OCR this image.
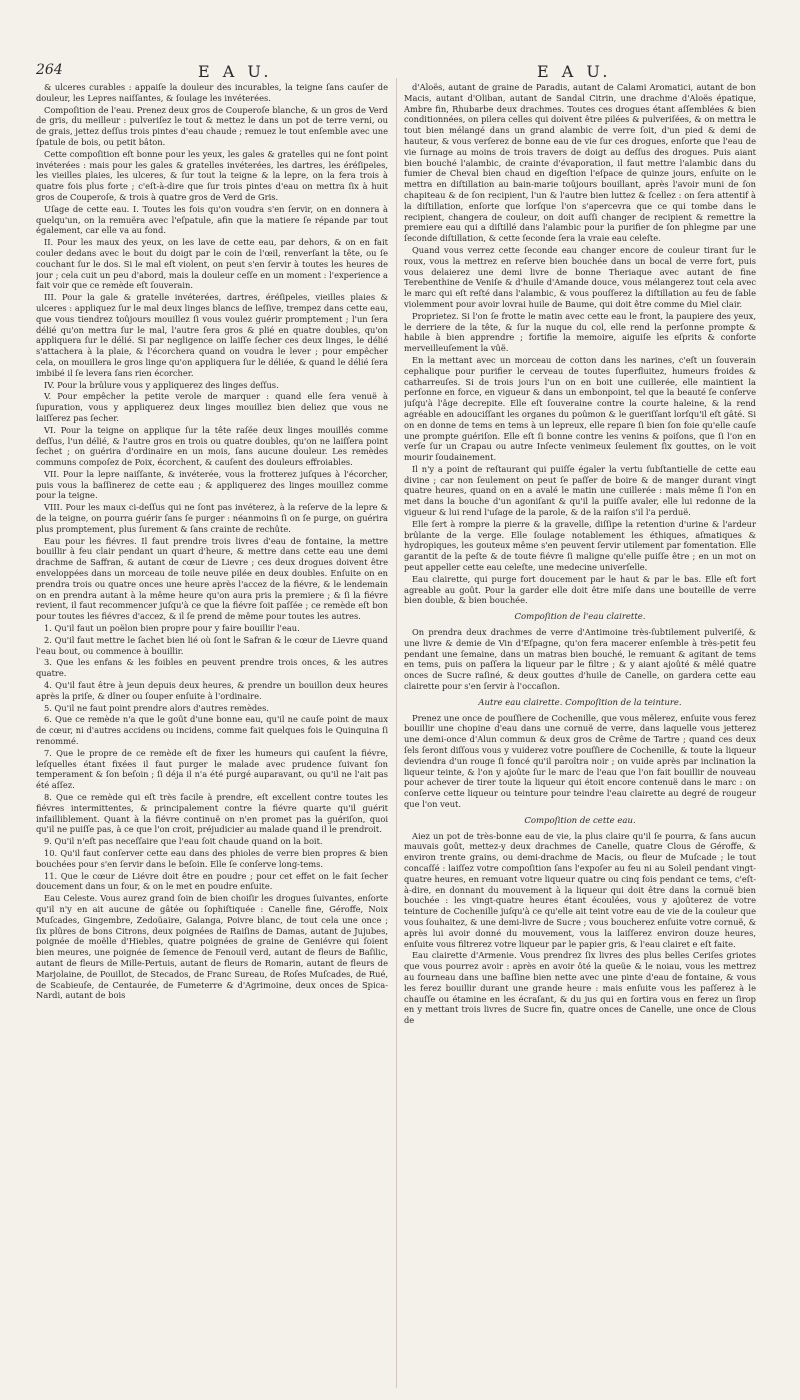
264	E A U.	E A U.

& ulceres curables : appaiſe la douleur des incurables, la teigne ſans cauſer de douleur, les Lepres naiſſantes, & ſoulage les invéterées.

Compoſition de l'eau. Prenez deux gros de Couperoſe blanche, & un gros de Verd de gris, du meilleur : pulveriſez le tout & mettez le dans un pot de terre verni, ou de grais, jettez deſſus trois pintes d'eau chaude ; remuez le tout enſemble avec une ſpatule de bois, ou petit bâton.

Cette compoſition eſt bonne pour les yeux, les gales & gratelles qui ne ſont point invéterées : mais pour les gales & gratelles invéterées, les dartres, les éréſipeles, les vieilles plaies, les ulceres, & ſur tout la teigne & la lepre, on la fera trois à quatre fois plus forte ; c'eſt-à-dire que ſur trois pintes d'eau on mettra ſix à huit gros de Couperoſe, & trois à quatre gros de Verd de Gris.

Uſage de cette eau. I. Toutes les fois qu'on voudra s'en ſervir, on en donnera à quelqu'un, on la remuëra avec l'eſpatule, afin que la matiere ſe répande par tout également, car elle va au fond.

II. Pour les maux des yeux, on les lave de cette eau, par dehors, & on en fait couler dedans avec le bout du doigt par le coin de l'œil, renverſant la tête, ou ſe couchant ſur le dos. Si le mal eſt violent, on peut s'en ſervir à toutes les heures de jour ; cela cuit un peu d'abord, mais la douleur ceſſe en un moment : l'experience a fait voir que ce remède eſt ſouverain.

III. Pour la gale & gratelle invéterées, dartres, éréſipeles, vieilles plaies & ulceres : appliquez ſur le mal deux linges blancs de leſſive, trempez dans cette eau, que vous tiendrez toûjours mouillez ſi vous voulez guérir promptement ; l'un ſera délié qu'on mettra ſur le mal, l'autre ſera gros & plié en quatre doubles, qu'on appliquera ſur le délié. Si par negligence on laiſſe ſecher ces deux linges, le délié s'attachera à la plaie, & l'écorchera quand on voudra le lever ; pour empêcher cela, on mouillera le gros linge qu'on appliquera ſur le déliée, & quand le délié ſera imbibé il ſe levera ſans rien écorcher.

IV. Pour la brûlure vous y appliquerez des linges deſſus.

V. Pour empêcher la petite verole de marquer : quand elle ſera venuë à ſupuration, vous y appliquerez deux linges mouillez bien deliez que vous ne laiſſerez pas ſecher.

VI. Pour la teigne on applique ſur la tête raſée deux linges mouillés comme deſſus, l'un délié, & l'autre gros en trois ou quatre doubles, qu'on ne laiſſera point ſechet ; on guérira d'ordinaire en un mois, ſans aucune douleur. Les remèdes communs compoſez de Poix, écorchent, & cauſent des douleurs effroiables.

VII. Pour la lepre naiſſante, & invéterée, vous la frotterez juſques à l'écorcher, puis vous la baſſinerez de cette eau ; & appliquerez des linges mouillez comme pour la teigne.

VIII. Pour les maux ci-deſſus qui ne ſont pas invéterez, à la reſerve de la lepre & de la teigne, on pourra guérir ſans ſe purger : néanmoins ſi on ſe purge, on guérira plus promptement, plus ſurement & ſans crainte de rechûte.

Eau pour les fiévres. Il faut prendre trois livres d'eau de fontaine, la mettre bouillir à feu clair pendant un quart d'heure, & mettre dans cette eau une demi drachme de Saffran, & autant de cœur de Lievre ; ces deux drogues doivent être enveloppées dans un morceau de toile neuve pilée en deux doubles. Enſuite on en prendra trois ou quatre onces une heure après l'accez de la fiévre, & le lendemain on en prendra autant à la même heure qu'on aura pris la premiere ; & ſi la fiévre revient, il faut recommencer juſqu'à ce que la fiévre ſoit paſſée ; ce remède eſt bon pour toutes les fiévres d'accez, & il ſe prend de même pour toutes les autres.

1. Qu'il faut un poëlon bien propre pour y faire bouillir l'eau.

2. Qu'il faut mettre le ſachet bien lié où ſont le Safran & le cœur de Lievre quand l'eau bout, ou commence à bouillir.

3. Que les enfans & les foibles en peuvent prendre trois onces, & les autres quatre.

4. Qu'il faut être à jeun depuis deux heures, & prendre un bouillon deux heures après la priſe, & dîner ou ſouper enſuite à l'ordinaire.

5. Qu'il ne faut point prendre alors d'autres remèdes.

6. Que ce remède n'a que le goût d'une bonne eau, qu'il ne cauſe point de maux de cœur, ni d'autres accidens ou incidens, comme fait quelques fois le Quinquina ſi renommé.

7. Que le propre de ce remède eſt de fixer les humeurs qui cauſent la fiévre, leſquelles étant fixées il faut purger le malade avec prudence ſuivant ſon temperament & ſon beſoin ; ſi déja il n'a été purgé auparavant, ou qu'il ne l'ait pas été aſſez.

8. Que ce remède qui eſt très facile à prendre, eſt excellent contre toutes les fiévres intermittentes, & principalement contre la fiévre quarte qu'il guérit infailliblement. Quant à la fiévre continuë on n'en promet pas la guériſon, quoi qu'il ne puiſſe pas, à ce que l'on croit, préjudicier au malade quand il le prendroit.

9. Qu'il n'eſt pas neceſſaire que l'eau ſoit chaude quand on la boit.

10. Qu'il faut conſerver cette eau dans des phioles de verre bien propres & bien bouchées pour s'en ſervir dans le beſoin. Elle ſe conſerve long-tems.

11. Que le cœur de Liévre doit être en poudre ; pour cet effet on le fait ſecher doucement dans un four, & on le met en poudre enſuite.

Eau Celeste. Vous aurez grand ſoin de bien choiſir les drogues ſuivantes, enſorte qu'il n'y en ait aucune de gâtée ou ſophiſtiquée : Canelle fine, Géroffe, Noix Muſcades, Gingembre, Zedoüaire, Galanga, Poivre blanc, de tout cela une once ; ſix plûres de bons Citrons, deux poignées de Raiſins de Damas, autant de Jujubes, poignée de moëlle d'Hiebles, quatre poignées de graine de Geniévre qui ſoient bien meures, une poignée de ſemence de Fenouil verd, autant de fleurs de Baſilic, autant de fleurs de Mille-Pertuis, autant de fleurs de Romarin, autant de fleurs de Marjolaine, de Pouillot, de Stecados, de Franc Sureau, de Roſes Muſcades, de Rué, de Scabieuſe, de Centaurée, de Fumeterre & d'Agrimoine, deux onces de Spica-Nardi, autant de bois

d'Aloës, autant de graine de Paradis, autant de Calami Aromatici, autant de bon Macis, autant d'Oliban, autant de Sandal Citrin, une drachme d'Aloës épatique, Ambre fin, Rhubarbe deux drachmes. Toutes ces drogues étant aſſemblées & bien conditionnées, on pilera celles qui doivent être pilées & pulveriſées, & on mettra le tout bien mélangé dans un grand alambic de verre ſoit, d'un pied & demi de hauteur, & vous verſerez de bonne eau de vie ſur ces drogues, enſorte que l'eau de vie ſurnage au moins de trois travers de doigt au deſſus des drogues. Puis aiant bien bouché l'alambic, de crainte d'évaporation, il faut mettre l'alambic dans du fumier de Cheval bien chaud en digeſtion l'eſpace de quinze jours, enſuite on le mettra en diſtillation au bain-marie toûjours bouillant, après l'avoir muni de ſon chapiteau & de ſon recipient, l'un & l'autre bien luttez & ſcellez : on ſera attentif à la diſtillation, enſorte que lorſque l'on s'apercevra que ce qui tombe dans le recipient, changera de couleur, on doit auſſi changer de recipient & remettre la premiere eau qui a diſtillé dans l'alambic pour la purifier de ſon phlegme par une ſeconde diſtillation, & cette ſeconde ſera la vraie eau celeſte.

Quand vous verrez cette ſeconde eau changer encore de couleur tirant ſur le roux, vous la mettrez en reſerve bien bouchée dans un bocal de verre fort, puis vous delaierez une demi livre de bonne Theriaque avec autant de fine Terebenthine de Veniſe & d'huile d'Amande douce, vous mélangerez tout cela avec le marc qui eſt reſté dans l'alambic, & vous pouſſerez la diſtillation au feu de ſable violemment pour avoir lovrai huile de Baume, qui doit être comme du Miel clair.

Proprietez. Si l'on ſe frotte le matin avec cette eau le front, la paupiere des yeux, le derriere de la tête, & ſur la nuque du col, elle rend la perſonne prompte & habile à bien apprendre ; fortifie la memoire, aiguiſe les eſprits & conforte merveilleuſement la vûë.

En la mettant avec un morceau de cotton dans les narines, c'eſt un ſouverain cephalique pour purifier le cerveau de toutes ſuperfluitez, humeurs froides & catharreuſes. Si de trois jours l'un on en boit une cuillerée, elle maintient la perſonne en force, en vigueur & dans un embonpoint, tel que la beauté ſe conſerve juſqu'à l'âge decrepite. Elle eſt ſouveraine contre la courte haleine, & la rend agréable en adouciſſant les organes du poûmon & le gueriſſant lorſqu'il eſt gâté. Si on en donne de tems en tems à un lepreux, elle repare ſi bien ſon foie qu'elle cauſe une prompte guériſon. Elle eſt ſi bonne contre les venins & poiſons, que ſi l'on en verſe ſur un Crapau ou autre Inſecte venimeux ſeulement ſix gouttes, on le voit mourir ſoudainement.

Il n'y a point de reſtaurant qui puiſſe égaler la vertu ſubſtantielle de cette eau divine ; car non ſeulement on peut ſe paſſer de boire & de manger durant vingt quatre heures, quand on en a avalé le matin une cuillerée : mais même ſi l'on en met dans la bouche d'un agoniſant & qu'il la puiſſe avaler, elle lui redonne de la vigueur & lui rend l'uſage de la parole, & de la raiſon s'il l'a perduë.

Elle ſert à rompre la pierre & la gravelle, diſſipe la retention d'urine & l'ardeur brûlante de la verge. Elle ſoulage notablement les éthiques, aſmatiques & hydropiques, les gouteux même s'en peuvent ſervir utilement par fomentation. Elle garantit de la peſte & de toute fiévre ſi maligne qu'elle puiſſe être ; en un mot on peut appeller cette eau celeſte, une medecine univerſelle.

Eau clairette, qui purge fort doucement par le haut & par le bas. Elle eſt fort agreable au goût. Pour la garder elle doit être miſe dans une bouteille de verre bien double, & bien bouchée.

Compoſition de l'eau clairette.

On prendra deux drachmes de verre d'Antimoine très-ſubtilement pulveriſé, & une livre & demie de Vin d'Eſpagne, qu'on fera macerer enſemble à très-petit feu pendant une ſemaine, dans un matras bien bouché, le remuant & agitant de tems en tems, puis on paſſera la liqueur par le filtre ; & y aiant ajoûté & mêlé quatre onces de Sucre raſiné, & deux gouttes d'huile de Canelle, on gardera cette eau clairette pour s'en ſervir à l'occaſion.

Autre eau clairette. Compoſition de la teinture.

Prenez une once de pouſſiere de Cochenille, que vous mêlerez, enſuite vous ferez bouillir une chopine d'eau dans une cornuë de verre, dans laquelle vous jetterez une demi-once d'Alun commun & deux gros de Crême de Tartre ; quand ces deux ſels ſeront diſſous vous y vuiderez votre pouſſiere de Cochenille, & toute la liqueur deviendra d'un rouge ſi foncé qu'il paroîtra noir ; on vuide après par inclination la liqueur teinte, & l'on y ajoûte ſur le marc de l'eau que l'on fait bouillir de nouveau pour achever de tirer toute la liqueur qui étoit encore contenuë dans le marc : on conſerve cette liqueur ou teinture pour teindre l'eau clairette au degré de rougeur que l'on veut.

Compoſition de cette eau.

Aiez un pot de très-bonne eau de vie, la plus claire qu'il ſe pourra, & ſans aucun mauvais goût, mettez-y deux drachmes de Canelle, quatre Clous de Géroffe, & environ trente grains, ou demi-drachme de Macis, ou fleur de Muſcade ; le tout concaſſé : laiſſez votre compoſition ſans l'expoſer au feu ni au Soleil pendant vingt-quatre heures, en remuant votre liqueur quatre ou cinq fois pendant ce tems, c'eſt-à-dire, en donnant du mouvement à la liqueur qui doit être dans la cornuë bien bouchée : les vingt-quatre heures étant écoulées, vous y ajoûterez de votre teinture de Cochenille juſqu'à ce qu'elle ait teint votre eau de vie de la couleur que vous ſouhaitez, & une demi-livre de Sucre ; vous boucherez enſuite votre cornuë, & après lui avoir donné du mouvement, vous la laiſſerez environ douze heures, enſuite vous filtrerez votre liqueur par le papier gris, & l'eau clairet e eſt faite.

Eau clairette d'Armenie. Vous prendrez ſix livres des plus belles Ceriſes griotes que vous pourrez avoir : après en avoir ôté la queüe & le noiau, vous les mettrez au fourneau dans une baſſine bien nette avec une pinte d'eau de fontaine, & vous les ferez bouillir durant une grande heure : mais enſuite vous les paſſerez à le chauſſe ou étamine en les écraſant, & du jus qui en ſortira vous en ferez un ſirop en y mettant trois livres de Sucre fin, quatre onces de Canelle, une once de Clous de
